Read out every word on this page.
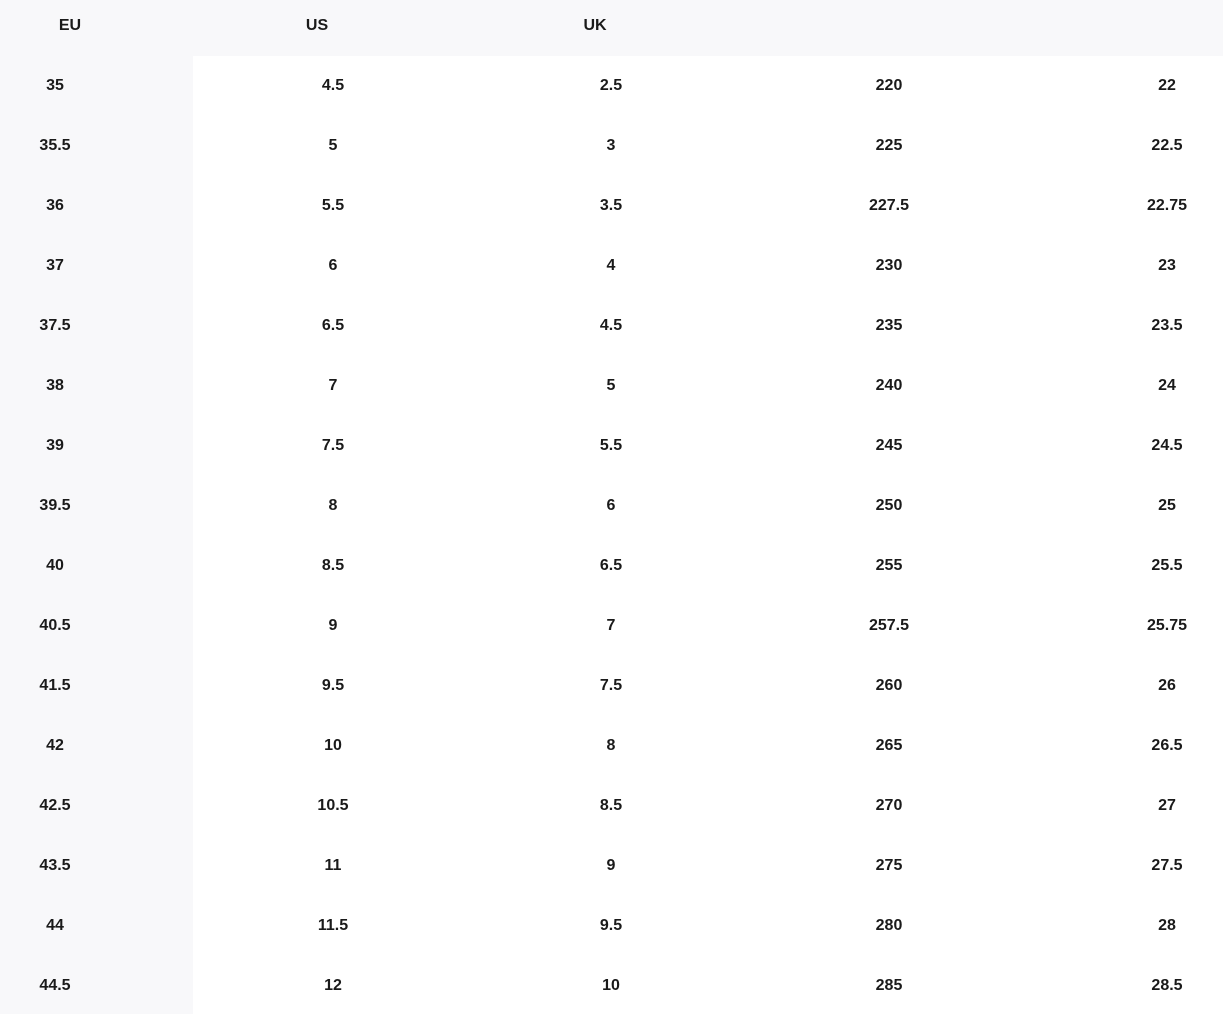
EU	US	UK
35	4.5	2.5	220	22
35.5	5	3	225	22.5
36	5.5	3.5	227.5	22.75
37	6	4	230	23
37.5	6.5	4.5	235	23.5
38	7	5	240	24
39	7.5	5.5	245	24.5
39.5	8	6	250	25
40	8.5	6.5	255	25.5
40.5	9	7	257.5	25.75
41.5	9.5	7.5	260	26
42	10	8	265	26.5
42.5	10.5	8.5	270	27
43.5	11	9	275	27.5
44	11.5	9.5	280	28
44.5	12	10	285	28.5
